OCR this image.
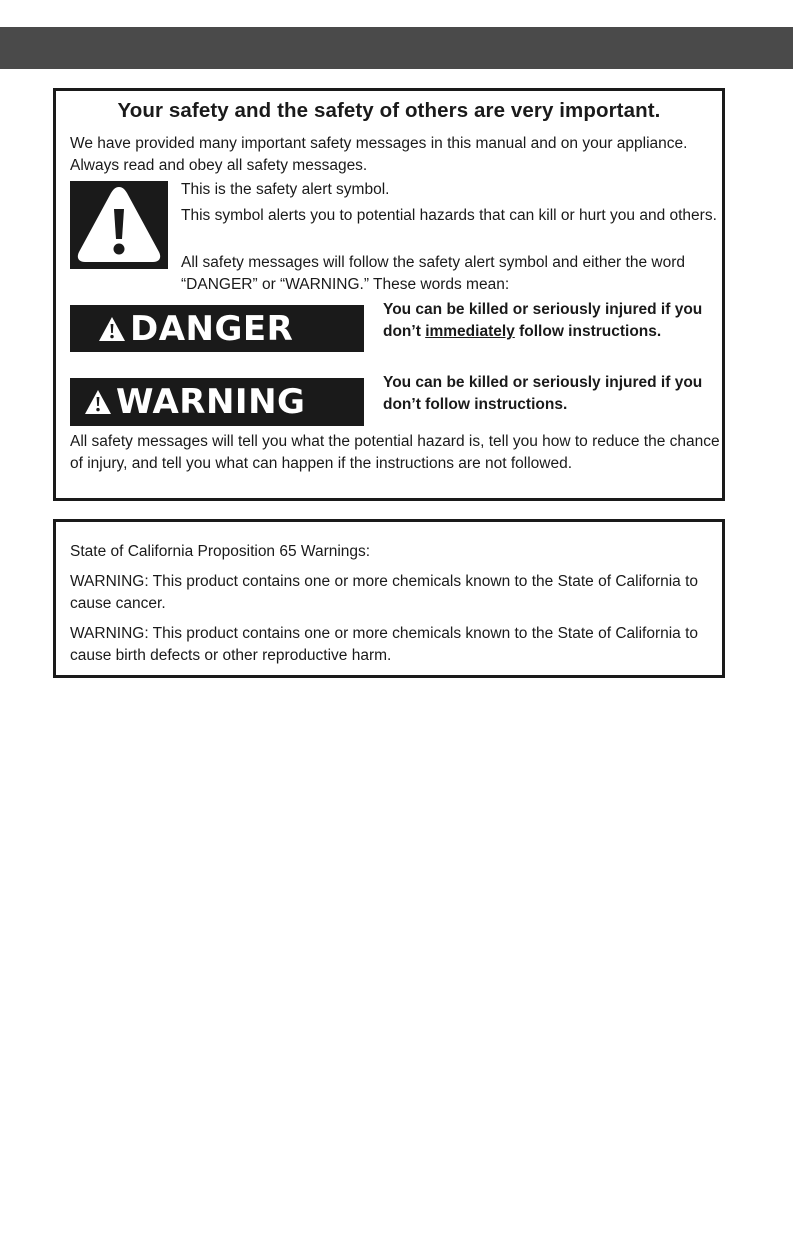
Your safety and the safety of others are very important.
We have provided many important safety messages in this manual and on your appliance. Always read and obey all safety messages.
This is the safety alert symbol.
This symbol alerts you to potential hazards that can kill or hurt you and others.
All safety messages will follow the safety alert symbol and either the word “DANGER” or “WARNING.” These words mean:
DANGER	You can be killed or seriously injured if you don’t immediately follow instructions.
WARNING	You can be killed or seriously injured if you don’t follow instructions.
All safety messages will tell you what the potential hazard is, tell you how to reduce the chance of injury, and tell you what can happen if the instructions are not followed.
State of California Proposition 65 Warnings:
WARNING: This product contains one or more chemicals known to the State of California to cause cancer.
WARNING: This product contains one or more chemicals known to the State of California to cause birth defects or other reproductive harm.
